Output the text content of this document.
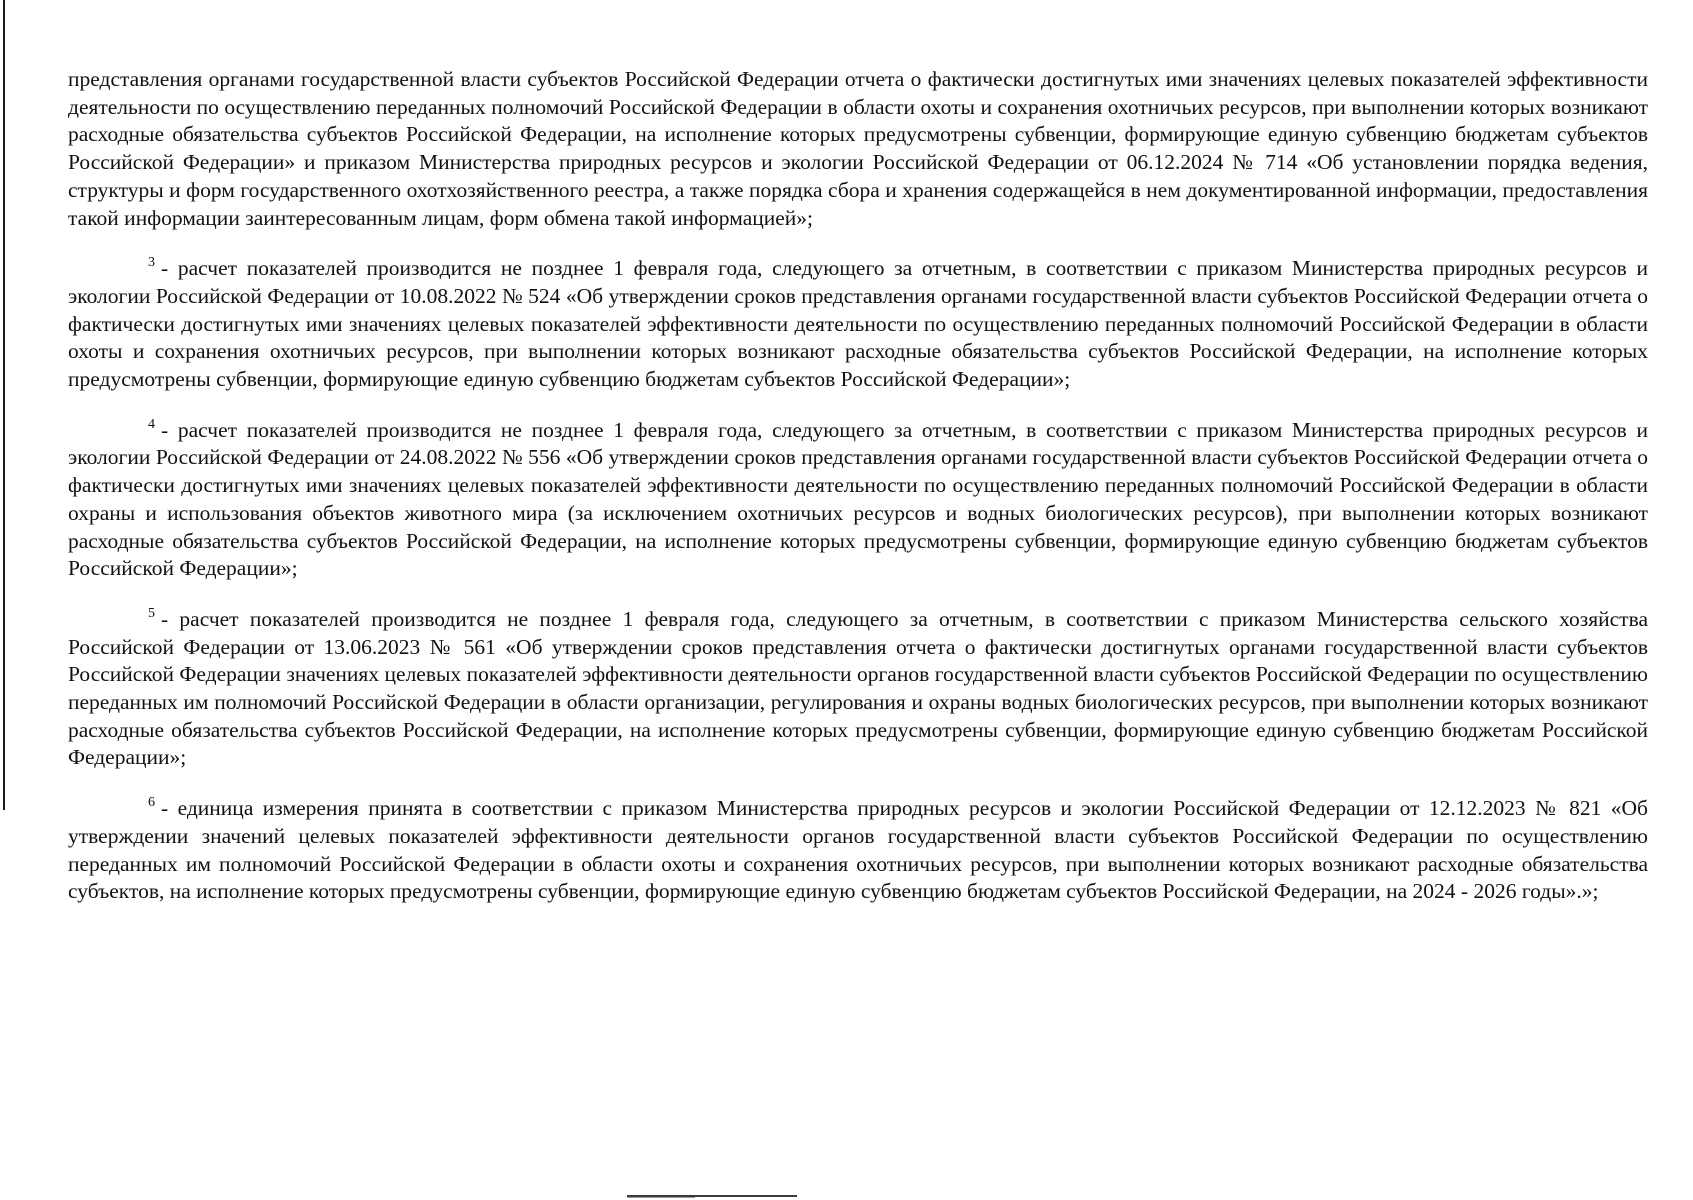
представления органами государственной власти субъектов Российской Федерации отчета о фактически достигнутых ими значениях целевых показателей эффективности деятельности по осуществлению переданных полномочий Российской Федерации в области охоты и сохранения охотничьих ресурсов, при выполнении которых возникают расходные обязательства субъектов Российской Федерации, на исполнение которых предусмотрены субвенции, формирующие единую субвенцию бюджетам субъектов Российской Федерации» и приказом Министерства природных ресурсов и экологии Российской Федерации от 06.12.2024 № 714 «Об установлении порядка ведения, структуры и форм государственного охотхозяйственного реестра, а также порядка сбора и хранения содержащейся в нем документированной информации, предоставления такой информации заинтересованным лицам, форм обмена такой информацией»;

$^3$ - расчет показателей производится не позднее 1 февраля года, следующего за отчетным, в соответствии с приказом Министерства природных ресурсов и экологии Российской Федерации от 10.08.2022 № 524 «Об утверждении сроков представления органами государственной власти субъектов Российской Федерации отчета о фактически достигнутых ими значениях целевых показателей эффективности деятельности по осуществлению переданных полномочий Российской Федерации в области охоты и сохранения охотничьих ресурсов, при выполнении которых возникают расходные обязательства субъектов Российской Федерации, на исполнение которых предусмотрены субвенции, формирующие единую субвенцию бюджетам субъектов Российской Федерации»;

$^4$ - расчет показателей производится не позднее 1 февраля года, следующего за отчетным, в соответствии с приказом Министерства природных ресурсов и экологии Российской Федерации от 24.08.2022 № 556 «Об утверждении сроков представления органами государственной власти субъектов Российской Федерации отчета о фактически достигнутых ими значениях целевых показателей эффективности деятельности по осуществлению переданных полномочий Российской Федерации в области охраны и использования объектов животного мира (за исключением охотничьих ресурсов и водных биологических ресурсов), при выполнении которых возникают расходные обязательства субъектов Российской Федерации, на исполнение которых предусмотрены субвенции, формирующие единую субвенцию бюджетам субъектов Российской Федерации»;

$^5$ - расчет показателей производится не позднее 1 февраля года, следующего за отчетным, в соответствии с приказом Министерства сельского хозяйства Российской Федерации от 13.06.2023 № 561 «Об утверждении сроков представления отчета о фактически достигнутых органами государственной власти субъектов Российской Федерации значениях целевых показателей эффективности деятельности органов государственной власти субъектов Российской Федерации по осуществлению переданных им полномочий Российской Федерации в области организации, регулирования и охраны водных биологических ресурсов, при выполнении которых возникают расходные обязательства субъектов Российской Федерации, на исполнение которых предусмотрены субвенции, формирующие единую субвенцию бюджетам Российской Федерации»;

$^6$ - единица измерения принята в соответствии с приказом Министерства природных ресурсов и экологии Российской Федерации от 12.12.2023 № 821 «Об утверждении значений целевых показателей эффективности деятельности органов государственной власти субъектов Российской Федерации по осуществлению переданных им полномочий Российской Федерации в области охоты и сохранения охотничьих ресурсов, при выполнении которых возникают расходные обязательства субъектов, на исполнение которых предусмотрены субвенции, формирующие единую субвенцию бюджетам субъектов Российской Федерации, на 2024 - 2026 годы».»;
